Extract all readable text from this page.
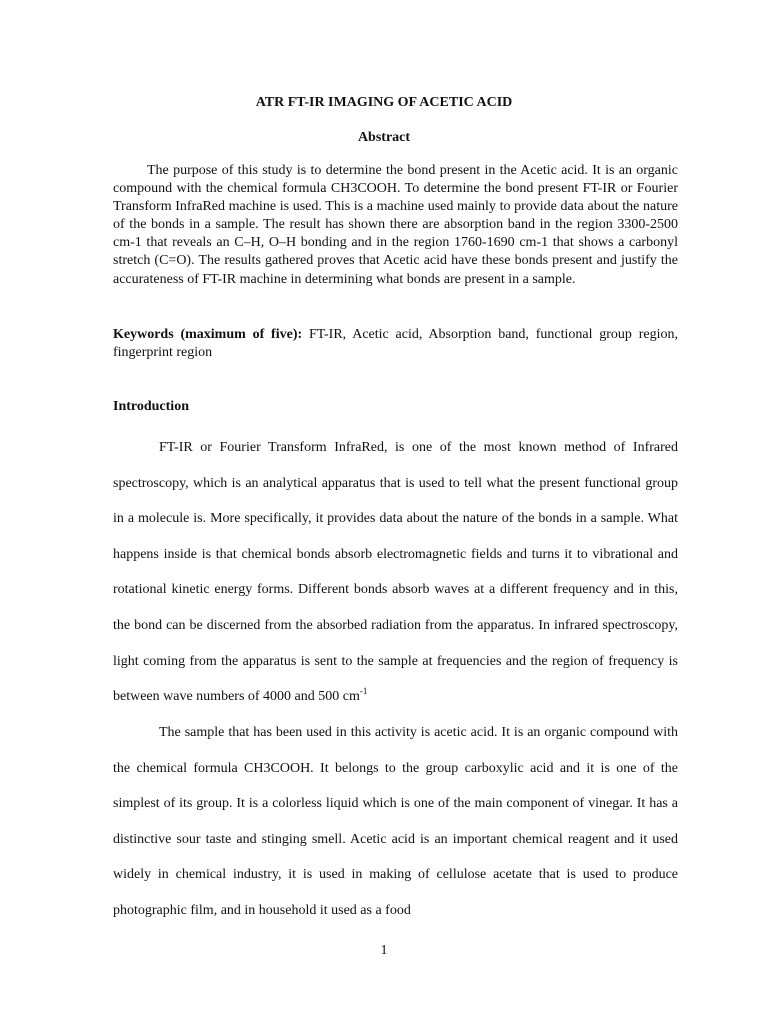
ATR FT-IR IMAGING OF ACETIC ACID
Abstract

The purpose of this study is to determine the bond present in the Acetic acid. It is an organic compound with the chemical formula CH3COOH. To determine the bond present FT-IR or Fourier Transform InfraRed machine is used. This is a machine used mainly to provide data about the nature of the bonds in a sample. The result has shown there are absorption band in the region 3300-2500 cm-1 that reveals an C–H, O–H bonding and in the region 1760-1690 cm-1 that shows a carbonyl stretch (C=O). The results gathered proves that Acetic acid have these bonds present and justify the accurateness of FT-IR machine in determining what bonds are present in a sample.

Keywords (maximum of five): FT-IR, Acetic acid, Absorption band, functional group region, fingerprint region

Introduction

FT-IR or Fourier Transform InfraRed, is one of the most known method of Infrared spectroscopy, which is an analytical apparatus that is used to tell what the present functional group in a molecule is. More specifically, it provides data about the nature of the bonds in a sample. What happens inside is that chemical bonds absorb electromagnetic fields and turns it to vibrational and rotational kinetic energy forms. Different bonds absorb waves at a different frequency and in this, the bond can be discerned from the absorbed radiation from the apparatus. In infrared spectroscopy, light coming from the apparatus is sent to the sample at frequencies and the region of frequency is between wave numbers of 4000 and 500 $cm^{-1}$

The sample that has been used in this activity is acetic acid. It is an organic compound with the chemical formula CH3COOH. It belongs to the group carboxylic acid and it is one of the simplest of its group. It is a colorless liquid which is one of the main component of vinegar. It has a distinctive sour taste and stinging smell. Acetic acid is an important chemical reagent and it used widely in chemical industry, it is used in making of cellulose acetate that is used to produce photographic film, and in household it used as a food

1
